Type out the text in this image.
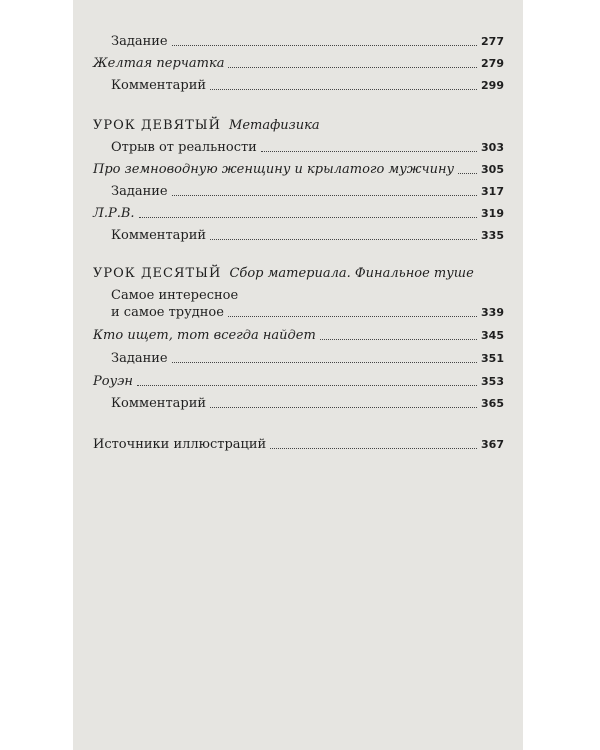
Задание	277
Желтая перчатка	279
Комментарий	299
УРОК ДЕВЯТЫЙ Метафизика
Отрыв от реальности	303
Про земноводную женщину и крылатого мужчину 305
Задание	317
Л.Р.В.	319
Комментарий	335
УРОК ДЕСЯТЫЙ Сбор материала. Финальное туше
Самое интересное
и самое трудное	339
Кто ищет, тот всегда найдет	345
Задание	351
Роуэн	353
Комментарий	365
Источники иллюстраций	367
